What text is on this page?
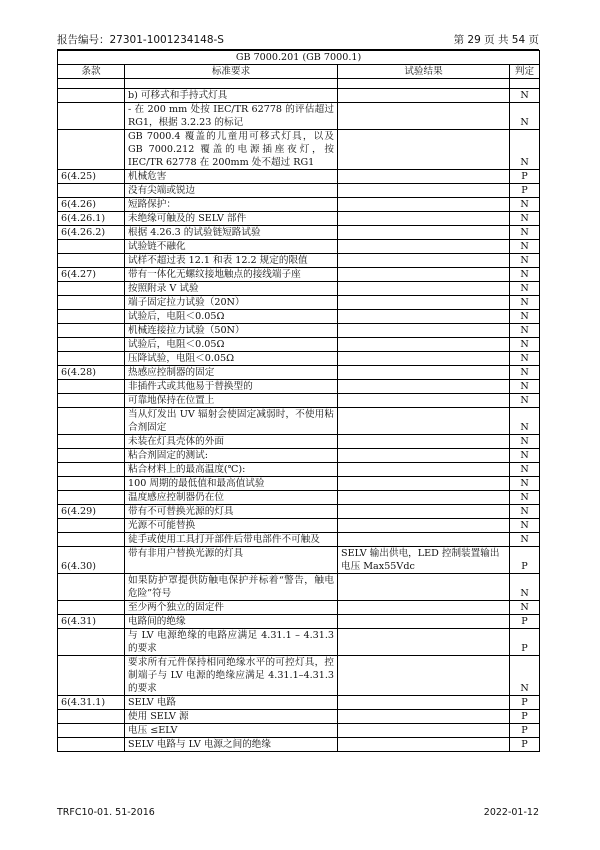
报告编号：27301-1001234148-S	第 29 页 共 54 页
GB 7000.201 (GB 7000.1)			
条款	标准要求	试验结果	判定

	b) 可移式和手持式灯具		N
	- 在 200 mm 处按 IEC/TR 62778 的评估超过 RG1，根据 3.2.23 的标记		N
	GB 7000.4 覆盖的儿童用可移式灯具，以及 GB 7000.212 覆盖的电源插座夜灯，按 IEC/TR 62778 在 200mm 处不超过 RG1		N
6(4.25)	机械危害		P
	没有尖端或锐边		P
6(4.26)	短路保护：		N
6(4.26.1)	未绝缘可触及的 SELV 部件		N
6(4.26.2)	根据 4.26.3 的试验链短路试验		N
	试验链不融化		N
	试样不超过表 12.1 和表 12.2 规定的限值		N
6(4.27)	带有一体化无螺纹接地触点的接线端子座		N
	按照附录 V 试验		N
	端子固定拉力试验（20N）		N
	试验后，电阻＜0.05Ω		N
	机械连接拉力试验（50N）		N
	试验后，电阻＜0.05Ω		N
	压降试验，电阻＜0.05Ω		N
6(4.28)	热感应控制器的固定		N
	非插件式或其他易于替换型的		N
	可靠地保持在位置上		N
	当从灯发出 UV 辐射会使固定减弱时，不使用粘合剂固定		N
	未装在灯具壳体的外面		N
	粘合剂固定的测试:		N
	粘合材料上的最高温度(℃):		N
	100 周期的最低值和最高值试验		N
	温度感应控制器仍在位		N
6(4.29)	带有不可替换光源的灯具		N
	光源不可能替换		N
	徒手或使用工具打开部件后带电部件不可触及		N
6(4.30)	带有非用户替换光源的灯具	SELV 输出供电，LED 控制装置输出电压 Max55Vdc	P
	如果防护罩提供防触电保护并标着“警告，触电危险”符号		N
	至少两个独立的固定件		N
6(4.31)	电路间的绝缘		P
	与 LV 电源绝缘的电路应满足 4.31.1 – 4.31.3 的要求		P
	要求所有元件保持相同绝缘水平的可控灯具，控制端子与 LV 电源的绝缘应满足 4.31.1–4.31.3 的要求		N
6(4.31.1)	SELV 电路		P
	使用 SELV 源		P
	电压 ≤ELV		P
	SELV 电路与 LV 电源之间的绝缘		P
TRFC10-01. 51-2016	2022-01-12
